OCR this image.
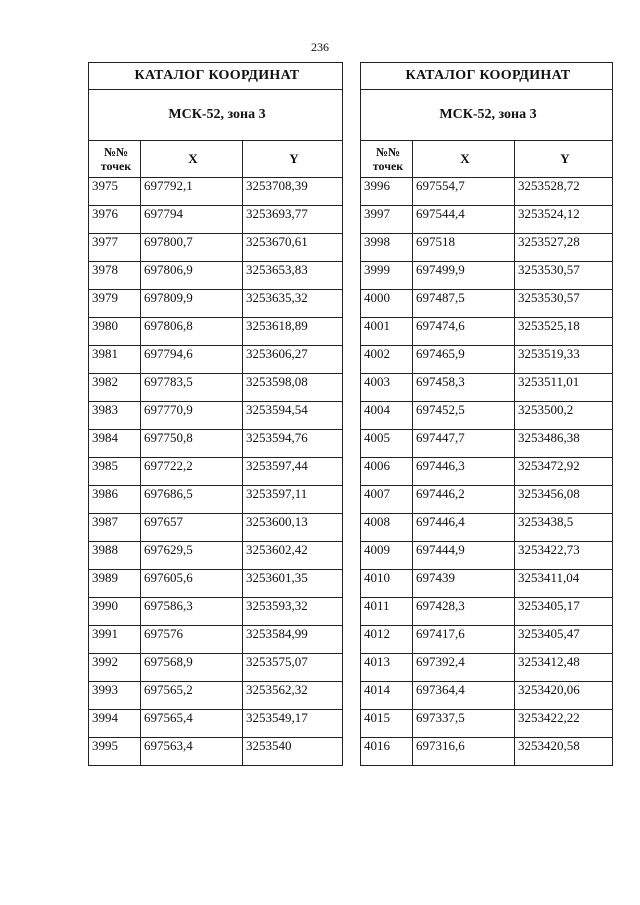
236
КАТАЛОГ КООРДИНАТ		
МСК-52, зона 3		
№№
точек	X	Y
3975	697792,1	3253708,39
3976	697794	3253693,77
3977	697800,7	3253670,61
3978	697806,9	3253653,83
3979	697809,9	3253635,32
3980	697806,8	3253618,89
3981	697794,6	3253606,27
3982	697783,5	3253598,08
3983	697770,9	3253594,54
3984	697750,8	3253594,76
3985	697722,2	3253597,44
3986	697686,5	3253597,11
3987	697657	3253600,13
3988	697629,5	3253602,42
3989	697605,6	3253601,35
3990	697586,3	3253593,32
3991	697576	3253584,99
3992	697568,9	3253575,07
3993	697565,2	3253562,32
3994	697565,4	3253549,17
3995	697563,4	3253540
КАТАЛОГ КООРДИНАТ		
МСК-52, зона 3		
№№
точек	X	Y
3996	697554,7	3253528,72
3997	697544,4	3253524,12
3998	697518	3253527,28
3999	697499,9	3253530,57
4000	697487,5	3253530,57
4001	697474,6	3253525,18
4002	697465,9	3253519,33
4003	697458,3	3253511,01
4004	697452,5	3253500,2
4005	697447,7	3253486,38
4006	697446,3	3253472,92
4007	697446,2	3253456,08
4008	697446,4	3253438,5
4009	697444,9	3253422,73
4010	697439	3253411,04
4011	697428,3	3253405,17
4012	697417,6	3253405,47
4013	697392,4	3253412,48
4014	697364,4	3253420,06
4015	697337,5	3253422,22
4016	697316,6	3253420,58
